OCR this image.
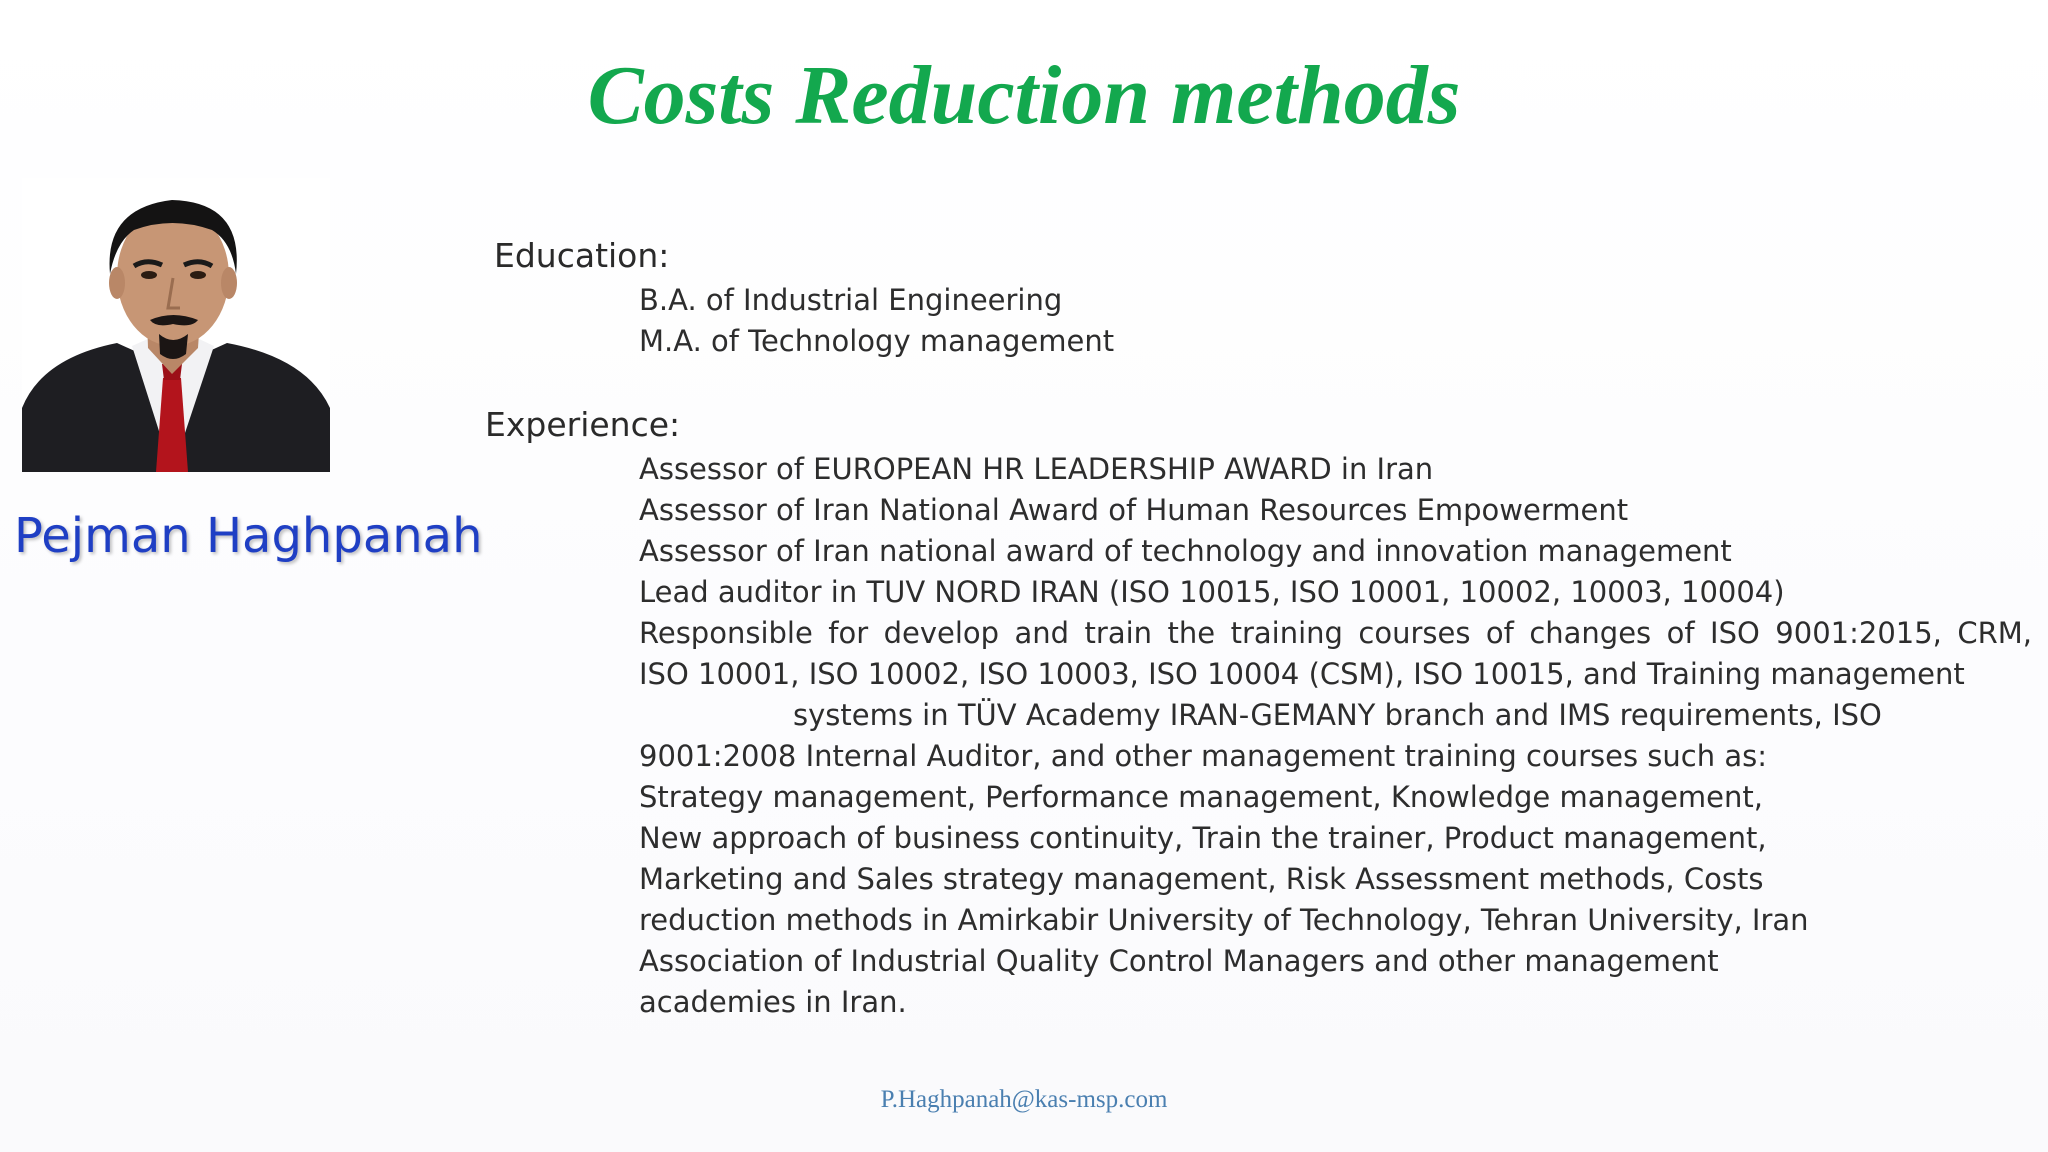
Costs Reduction methods
Pejman Haghpanah
Education:
B.A. of Industrial Engineering
M.A. of Technology management
Experience:
Assessor of EUROPEAN HR LEADERSHIP AWARD in Iran
Assessor of Iran National Award of Human Resources Empowerment
Assessor of Iran national award of technology and innovation management
Lead auditor in TUV NORD IRAN (ISO 10015, ISO 10001, 10002, 10003, 10004)
Responsible for develop and train the training courses of changes of ISO 9001:2015, CRM,
ISO 10001, ISO 10002, ISO 10003, ISO 10004 (CSM), ISO 10015, and Training management
systems in TÜV Academy IRAN-GEMANY branch and IMS requirements, ISO
9001:2008 Internal Auditor, and other management training courses such as:
Strategy management, Performance management, Knowledge management,
New approach of business continuity, Train the trainer, Product management,
Marketing and Sales strategy management, Risk Assessment methods, Costs
reduction methods in Amirkabir University of Technology, Tehran University, Iran
Association of Industrial Quality Control Managers and other management
academies in Iran.
P.Haghpanah@kas-msp.com
